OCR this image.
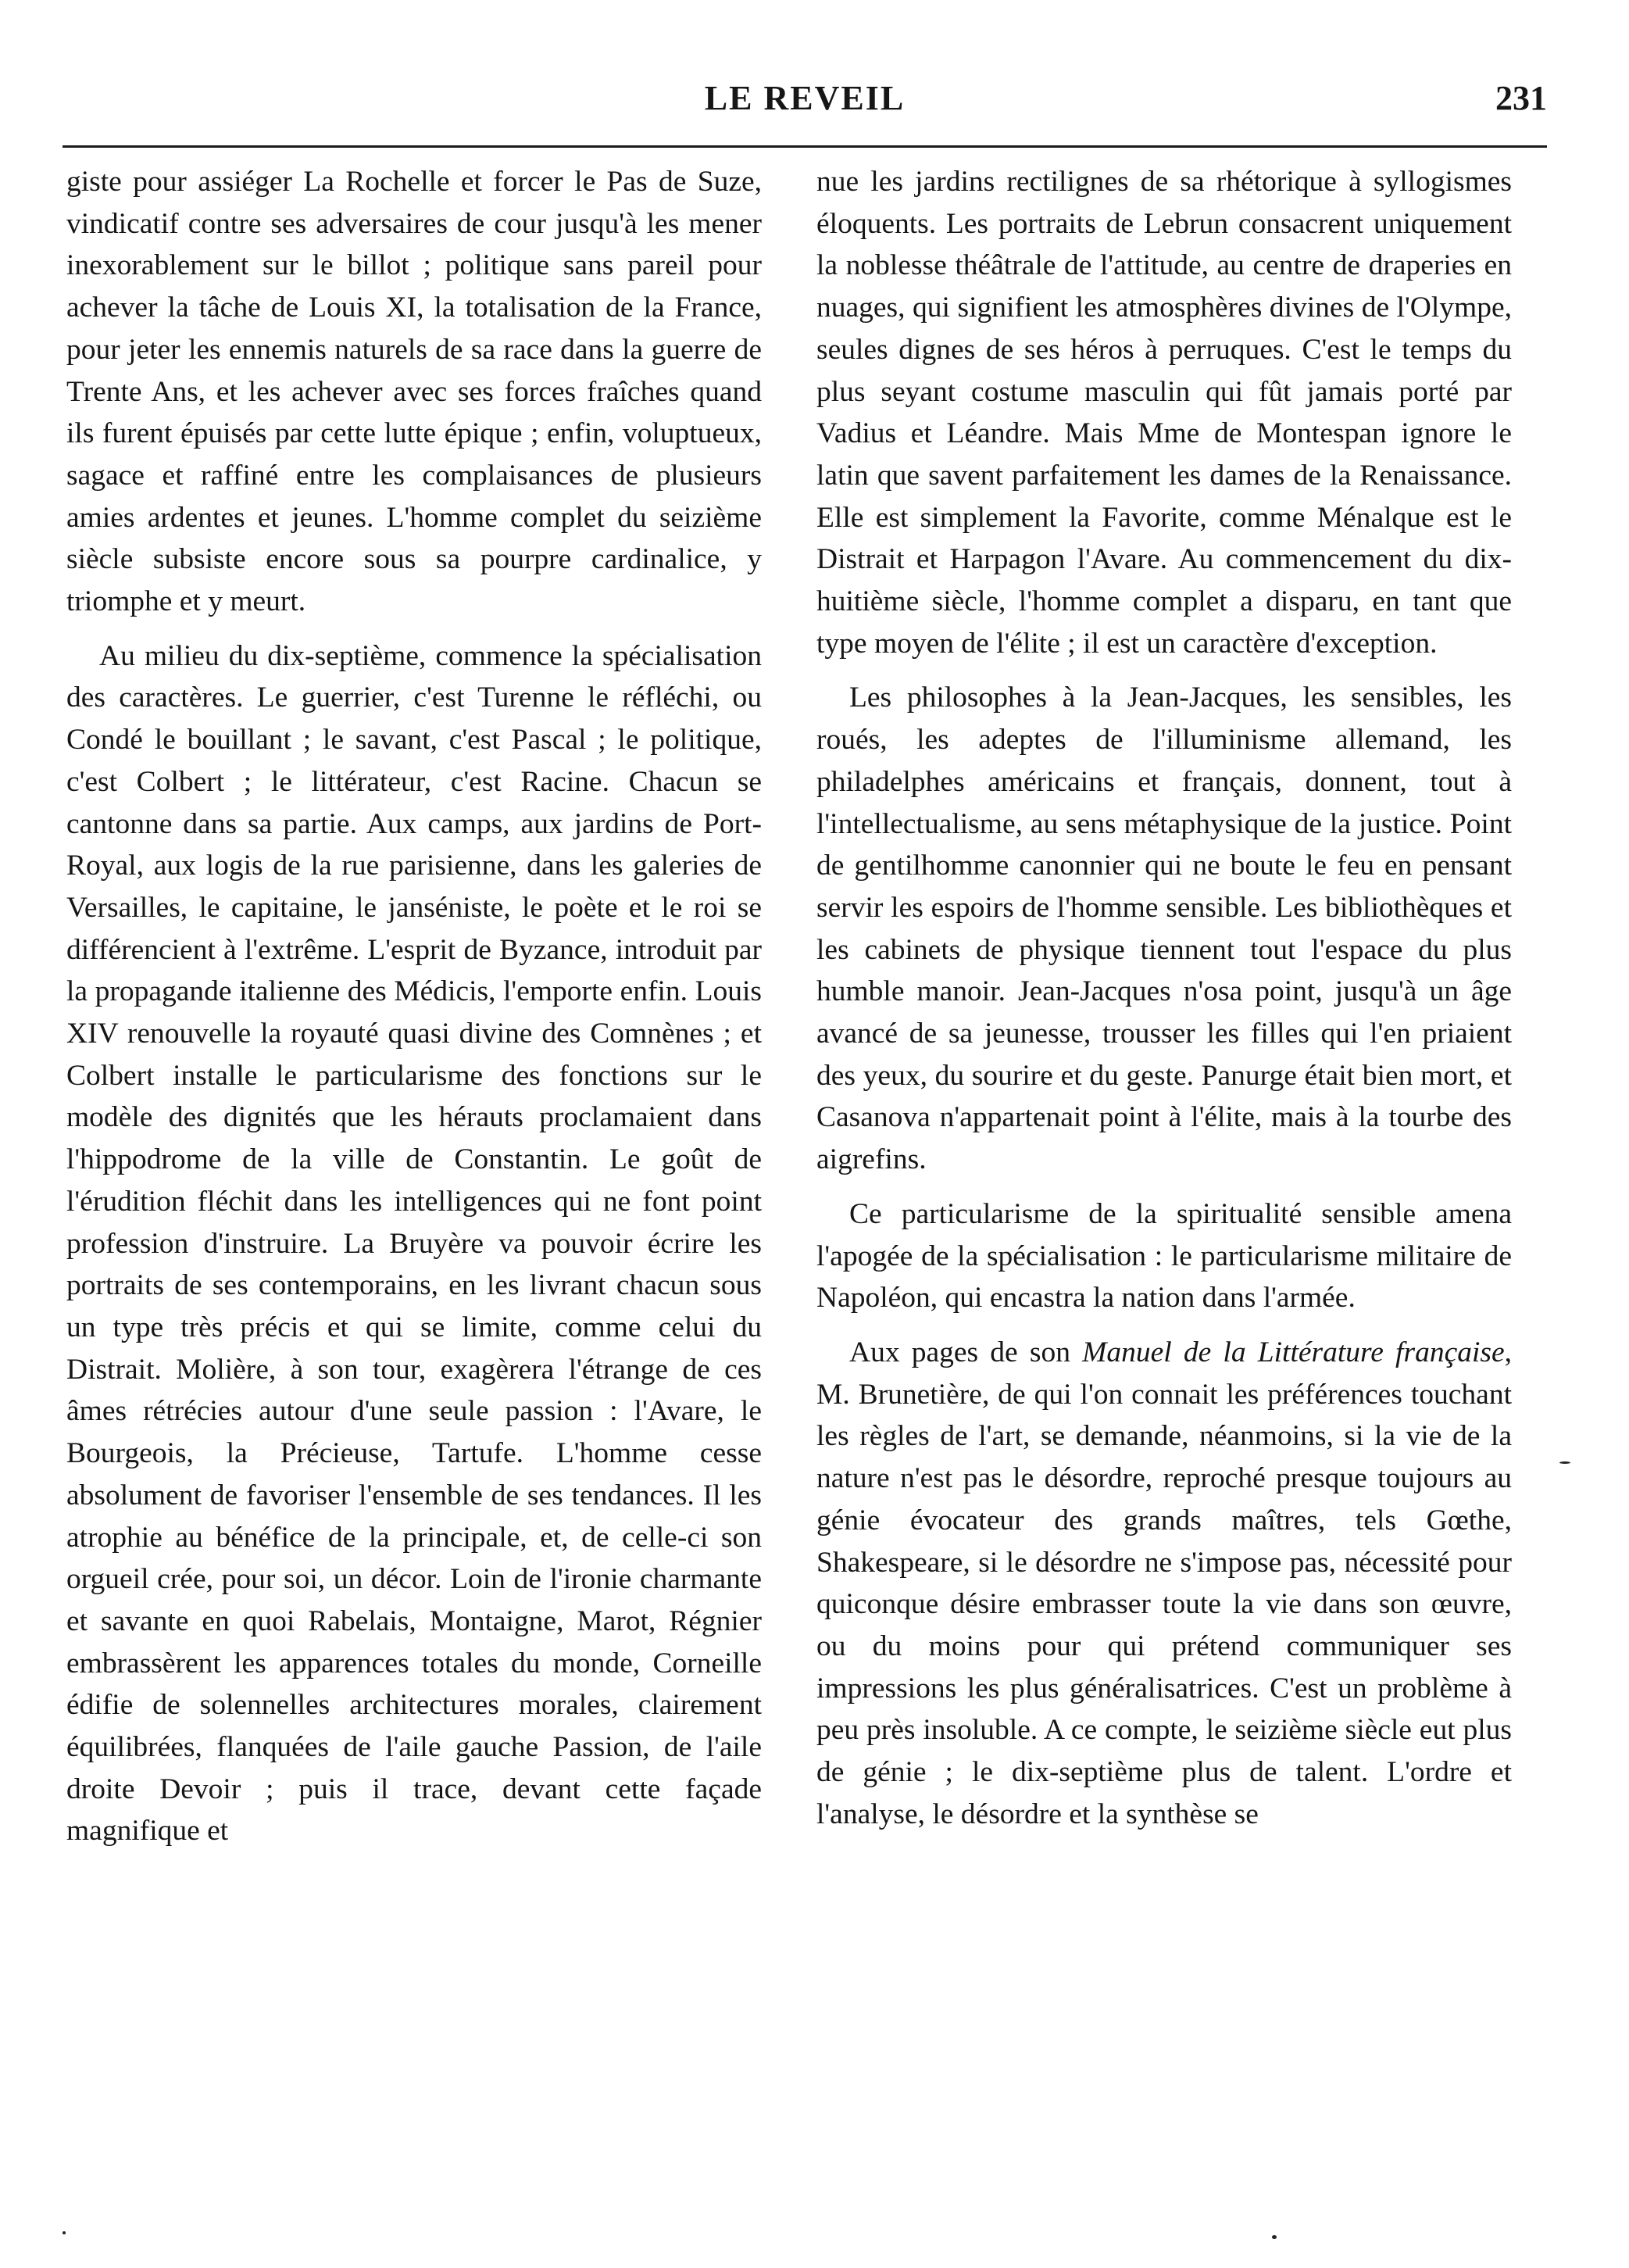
LE REVEIL	231

giste pour assiéger La Rochelle et forcer le Pas de Suze, vindicatif contre ses adversaires de cour jusqu'à les mener inexorablement sur le billot ; politique sans pareil pour achever la tâche de Louis XI, la totalisation de la France, pour jeter les ennemis naturels de sa race dans la guerre de Trente Ans, et les achever avec ses forces fraîches quand ils furent épuisés par cette lutte épique ; enfin, voluptueux, sagace et raffiné entre les complaisances de plusieurs amies ardentes et jeunes. L'homme complet du seizième siècle subsiste encore sous sa pourpre cardinalice, y triomphe et y meurt.

Au milieu du dix-septième, commence la spécialisation des caractères. Le guerrier, c'est Turenne le réfléchi, ou Condé le bouillant ; le savant, c'est Pascal ; le politique, c'est Colbert ; le littérateur, c'est Racine. Chacun se cantonne dans sa partie. Aux camps, aux jardins de Port-Royal, aux logis de la rue parisienne, dans les galeries de Versailles, le capitaine, le janséniste, le poète et le roi se différencient à l'extrême. L'esprit de Byzance, introduit par la propagande italienne des Médicis, l'emporte enfin. Louis XIV renouvelle la royauté quasi divine des Comnènes ; et Colbert installe le particularisme des fonctions sur le modèle des dignités que les hérauts proclamaient dans l'hippodrome de la ville de Constantin. Le goût de l'érudition fléchit dans les intelligences qui ne font point profession d'instruire. La Bruyère va pouvoir écrire les portraits de ses contemporains, en les livrant chacun sous un type très précis et qui se limite, comme celui du Distrait. Molière, à son tour, exagèrera l'étrange de ces âmes rétrécies autour d'une seule passion : l'Avare, le Bourgeois, la Précieuse, Tartufe. L'homme cesse absolument de favoriser l'ensemble de ses tendances. Il les atrophie au bénéfice de la principale, et, de celle-ci son orgueil crée, pour soi, un décor. Loin de l'ironie charmante et savante en quoi Rabelais, Montaigne, Marot, Régnier embrassèrent les apparences totales du monde, Corneille édifie de solennelles architectures morales, clairement équilibrées, flanquées de l'aile gauche Passion, de l'aile droite Devoir ; puis il trace, devant cette façade magnifique et

nue les jardins rectilignes de sa rhétorique à syllogismes éloquents. Les portraits de Lebrun consacrent uniquement la noblesse théâtrale de l'attitude, au centre de draperies en nuages, qui signifient les atmosphères divines de l'Olympe, seules dignes de ses héros à perruques. C'est le temps du plus seyant costume masculin qui fût jamais porté par Vadius et Léandre. Mais Mme de Montespan ignore le latin que savent parfaitement les dames de la Renaissance. Elle est simplement la Favorite, comme Ménalque est le Distrait et Harpagon l'Avare. Au commencement du dix-huitième siècle, l'homme complet a disparu, en tant que type moyen de l'élite ; il est un caractère d'exception.

Les philosophes à la Jean-Jacques, les sensibles, les roués, les adeptes de l'illuminisme allemand, les philadelphes américains et français, donnent, tout à l'intellectualisme, au sens métaphysique de la justice. Point de gentilhomme canonnier qui ne boute le feu en pensant servir les espoirs de l'homme sensible. Les bibliothèques et les cabinets de physique tiennent tout l'espace du plus humble manoir. Jean-Jacques n'osa point, jusqu'à un âge avancé de sa jeunesse, trousser les filles qui l'en priaient des yeux, du sourire et du geste. Panurge était bien mort, et Casanova n'appartenait point à l'élite, mais à la tourbe des aigrefins.

Ce particularisme de la spiritualité sensible amena l'apogée de la spécialisation : le particularisme militaire de Napoléon, qui encastra la nation dans l'armée.

Aux pages de son Manuel de la Littérature française, M. Brunetière, de qui l'on connait les préférences touchant les règles de l'art, se demande, néanmoins, si la vie de la nature n'est pas le désordre, reproché presque toujours au génie évocateur des grands maîtres, tels Gœthe, Shakespeare, si le désordre ne s'impose pas, nécessité pour quiconque désire embrasser toute la vie dans son œuvre, ou du moins pour qui prétend communiquer ses impressions les plus généralisatrices. C'est un problème à peu près insoluble. A ce compte, le seizième siècle eut plus de génie ; le dix-septième plus de talent. L'ordre et l'analyse, le désordre et la synthèse se
